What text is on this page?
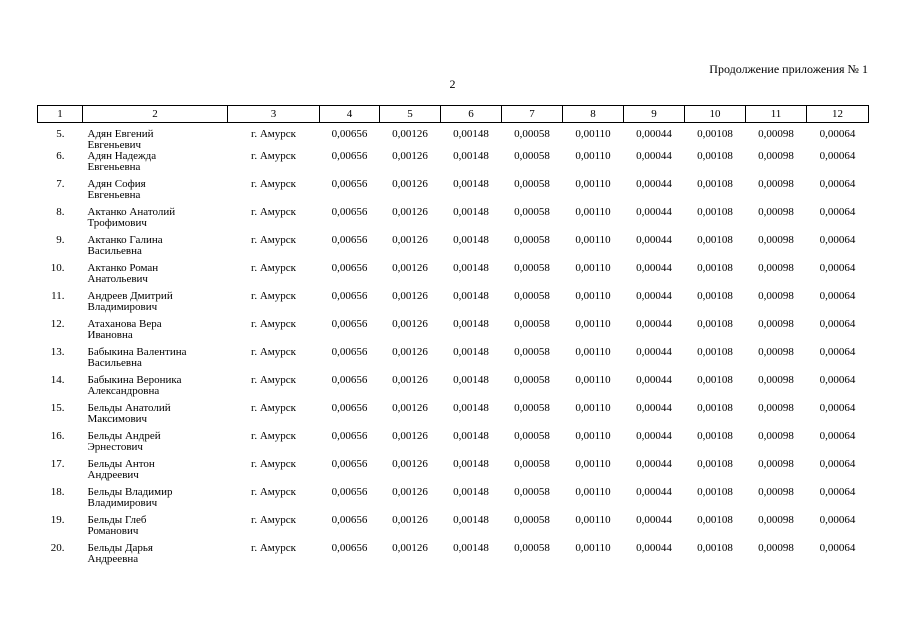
Продолжение приложения № 1
2
1	2	3	4	5	6	7	8	9	10	11	12
5.	Адян Евгений
Евгеньевич	г. Амурск	0,00656	0,00126	0,00148	0,00058	0,00110	0,00044	0,00108	0,00098	0,00064
6.	Адян Надежда
Евгеньевна	г. Амурск	0,00656	0,00126	0,00148	0,00058	0,00110	0,00044	0,00108	0,00098	0,00064
7.	Адян София
Евгеньевна	г. Амурск	0,00656	0,00126	0,00148	0,00058	0,00110	0,00044	0,00108	0,00098	0,00064
8.	Актанко Анатолий
Трофимович	г. Амурск	0,00656	0,00126	0,00148	0,00058	0,00110	0,00044	0,00108	0,00098	0,00064
9.	Актанко Галина
Васильевна	г. Амурск	0,00656	0,00126	0,00148	0,00058	0,00110	0,00044	0,00108	0,00098	0,00064
10.	Актанко Роман
Анатольевич	г. Амурск	0,00656	0,00126	0,00148	0,00058	0,00110	0,00044	0,00108	0,00098	0,00064
11.	Андреев Дмитрий
Владимирович	г. Амурск	0,00656	0,00126	0,00148	0,00058	0,00110	0,00044	0,00108	0,00098	0,00064
12.	Атаханова Вера
Ивановна	г. Амурск	0,00656	0,00126	0,00148	0,00058	0,00110	0,00044	0,00108	0,00098	0,00064
13.	Бабыкина Валентина
Васильевна	г. Амурск	0,00656	0,00126	0,00148	0,00058	0,00110	0,00044	0,00108	0,00098	0,00064
14.	Бабыкина Вероника
Александровна	г. Амурск	0,00656	0,00126	0,00148	0,00058	0,00110	0,00044	0,00108	0,00098	0,00064
15.	Бельды Анатолий
Максимович	г. Амурск	0,00656	0,00126	0,00148	0,00058	0,00110	0,00044	0,00108	0,00098	0,00064
16.	Бельды Андрей
Эрнестович	г. Амурск	0,00656	0,00126	0,00148	0,00058	0,00110	0,00044	0,00108	0,00098	0,00064
17.	Бельды Антон
Андреевич	г. Амурск	0,00656	0,00126	0,00148	0,00058	0,00110	0,00044	0,00108	0,00098	0,00064
18.	Бельды Владимир
Владимирович	г. Амурск	0,00656	0,00126	0,00148	0,00058	0,00110	0,00044	0,00108	0,00098	0,00064
19.	Бельды Глеб
Романович	г. Амурск	0,00656	0,00126	0,00148	0,00058	0,00110	0,00044	0,00108	0,00098	0,00064
20.	Бельды Дарья
Андреевна	г. Амурск	0,00656	0,00126	0,00148	0,00058	0,00110	0,00044	0,00108	0,00098	0,00064
